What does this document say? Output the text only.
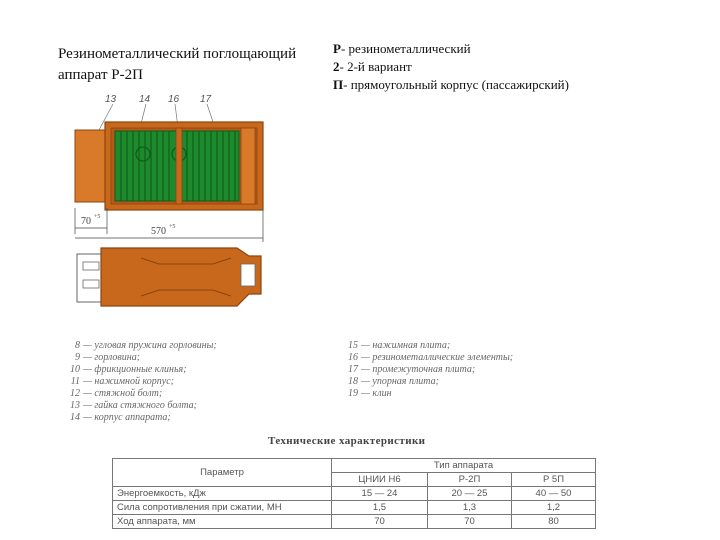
Резинометаллический поглощающий аппарат Р-2П
Р- резинометаллический
2- 2-й вариант
П- прямоугольный корпус (пассажирский)
13 14 16 17
70 +5
570 +5
8 — угловая пружина горловины;
9 — горловина;
10 — фрикционные клинья;
11 — нажимной корпус;
12 — стяжной болт;
13 — гайка стяжного болта;
14 — корпус аппарата;
15 — нажимная плита;
16 — резинометаллические элементы;
17 — промежуточная плита;
18 — упорная плита;
19 — клин
Технические характеристики
Параметр	Тип аппарата		
	ЦНИИ Н6	Р-2П	Р 5П
Энергоемкость, кДж	15 — 24	20 — 25	40 — 50
Сила сопротивления при сжатии, МН	1,5	1,3	1,2
Ход аппарата, мм	70	70	80
